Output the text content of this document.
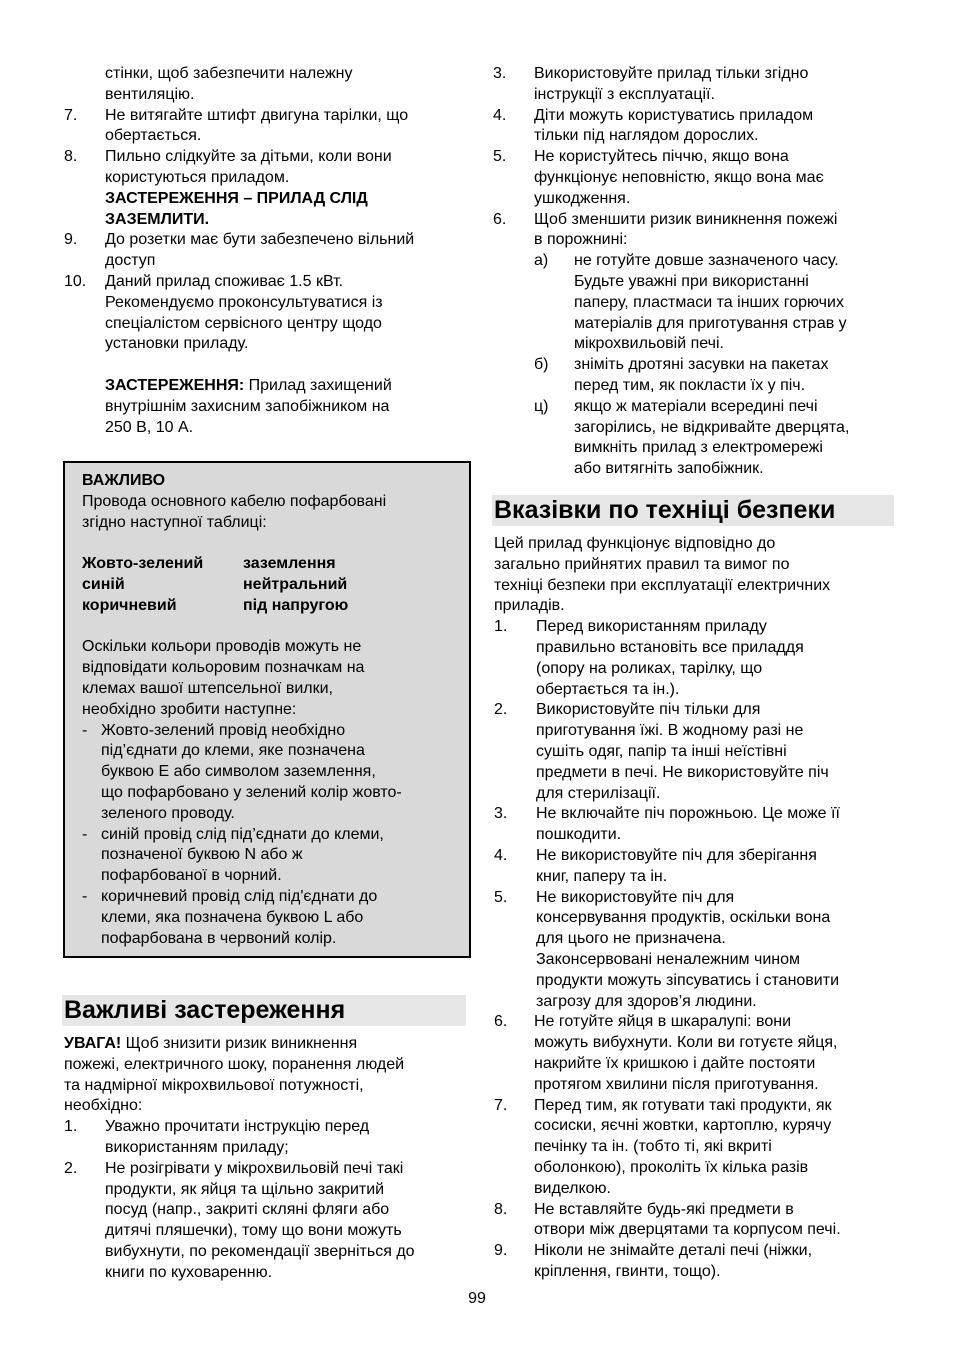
стінки, щоб забезпечити належну
вентиляцію.
7. Не витягайте штифт двигуна тарілки, що
обертається.
8. Пильно слідкуйте за дітьми, коли вони
користуються приладом.
ЗАСТЕРЕЖЕННЯ – ПРИЛАД СЛІД
ЗАЗЕМЛИТИ.
9. До розетки має бути забезпечено вільний
доступ
10. Даний прилад споживає 1.5 кВт.
Рекомендуємо проконсультуватися із
спеціалістом сервісного центру щодо
установки приладу.
ЗАСТЕРЕЖЕННЯ: Прилад захищений
внутрішнім захисним запобіжником на
250 В, 10 А.
ВАЖЛИВО
Провода основного кабелю пофарбовані
згідно наступної таблиці:
Жовто-зелений	заземлення
синій	нейтральний
коричневий	під напругою
Оскільки кольори проводів можуть не
відповідати кольоровим позначкам на
клемах вашої штепсельної вилки,
необхідно зробити наступне:
- Жовто-зелений провід необхідно
під’єднати до клеми, яке позначена
буквою E або символом заземлення,
що пофарбовано у зелений колір жовто-
зеленого проводу.
- синій провід слід під’єднати до клеми,
позначеної буквою N або ж
пофарбованої в чорний.
- коричневий провід слід під'єднати до
клеми, яка позначена буквою L або
пофарбована в червоний колір.
Важливі застереження
УВАГА! Щоб знизити ризик виникнення
пожежі, електричного шоку, поранення людей
та надмірної мікрохвильової потужності,
необхідно:
1. Уважно прочитати інструкцію перед
використанням приладу;
2. Не розігрівати у мікрохвильовій печі такі
продукти, як яйця та щільно закритий
посуд (напр., закриті скляні фляги або
дитячі пляшечки), тому що вони можуть
вибухнути, по рекомендації зверніться до
книги по куховаренню.
3. Використовуйте прилад тільки згідно
інструкції з експлуатації.
4. Діти можуть користуватись приладом
тільки під наглядом дорослих.
5. Не користуйтесь піччю, якщо вона
функціонує неповністю, якщо вона має
ушкодження.
6. Щоб зменшити ризик виникнення пожежі
в порожнині:
а) не готуйте довше зазначеного часу.
Будьте уважні при використанні
паперу, пластмаси та інших горючих
матеріалів для приготування страв у
мікрохвильовій печі.
б) зніміть дротяні засувки на пакетах
перед тим, як покласти їх у піч.
ц) якщо ж матеріали всередині печі
загорілись, не відкривайте дверцята,
вимкніть прилад з електромережі
або витягніть запобіжник.
Вказівки по техніці безпеки
Цей прилад функціонує відповідно до
загально прийнятих правил та вимог по
техніці безпеки при експлуатації електричних
приладів.
1. Перед використанням приладу
правильно встановіть все приладдя
(опору на роликах, тарілку, що
обертається та ін.).
2. Використовуйте піч тільки для
приготування їжі. В жодному разі не
сушіть одяг, папір та інші неїстівні
предмети в печі. Не використовуйте піч
для стерилізації.
3. Не включайте піч порожньою. Це може її
пошкодити.
4. Не використовуйте піч для зберігання
книг, паперу та ін.
5. Не використовуйте піч для
консервування продуктів, оскільки вона
для цього не призначена.
Законсервовані неналежним чином
продукти можуть зіпсуватись і становити
загрозу для здоров’я людини.
6. Не готуйте яйця в шкаралупі: вони
можуть вибухнути. Коли ви готуєте яйця,
накрийте їх кришкою і дайте постояти
протягом хвилини після приготування.
7. Перед тим, як готувати такі продукти, як
сосиски, яєчні жовтки, картоплю, курячу
печінку та ін. (тобто ті, які вкриті
оболонкою), проколіть їх кілька разів
виделкою.
8. Не вставляйте будь-які предмети в
отвори між дверцятами та корпусом печі.
9. Ніколи не знімайте деталі печі (ніжки,
кріплення, гвинти, тощо).
99
